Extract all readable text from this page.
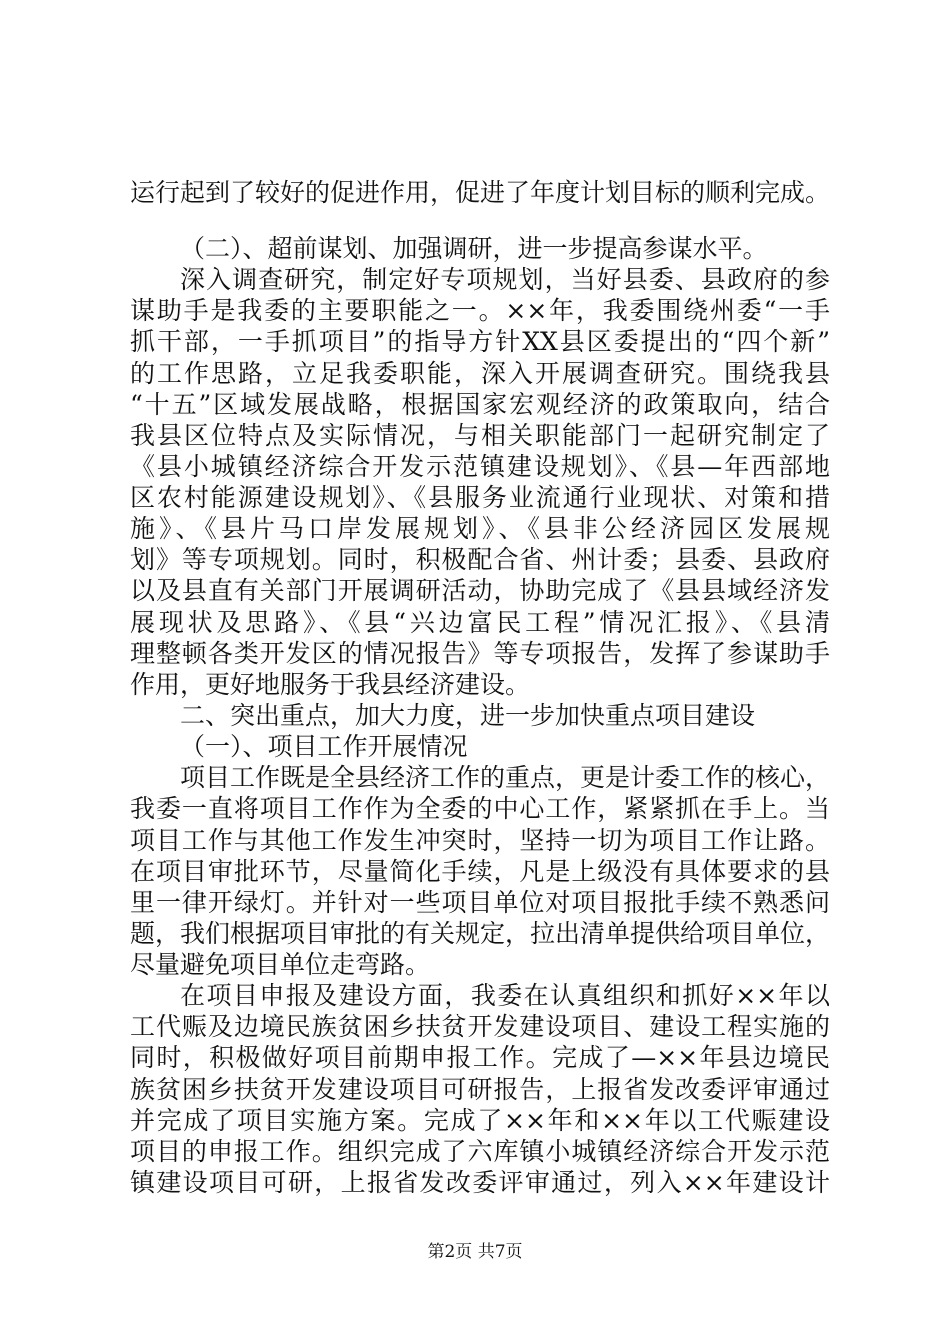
运行起到了较好的促进作用，促进了年度计划目标的顺利完成。
（二）、超前谋划、加强调研，进一步提高参谋水平。
深入调查研究，制定好专项规划，当好县委、县政府的参
谋助手是我委的主要职能之一。××年，我委围绕州委“一手
抓干部，一手抓项目”的指导方针XX县区委提出的“四个新”
的工作思路，立足我委职能，深入开展调查研究。围绕我县
“十五”区域发展战略，根据国家宏观经济的政策取向，结合
我县区位特点及实际情况，与相关职能部门一起研究制定了
《县小城镇经济综合开发示范镇建设规划》、《县—年西部地
区农村能源建设规划》、《县服务业流通行业现状、对策和措
施》、《县片马口岸发展规划》、《县非公经济园区发展规
划》等专项规划。同时，积极配合省、州计委；县委、县政府
以及县直有关部门开展调研活动，协助完成了《县县域经济发
展现状及思路》、《县“兴边富民工程”情况汇报》、《县清
理整顿各类开发区的情况报告》等专项报告，发挥了参谋助手
作用，更好地服务于我县经济建设。
二、突出重点，加大力度，进一步加快重点项目建设
（一）、项目工作开展情况
项目工作既是全县经济工作的重点，更是计委工作的核心，
我委一直将项目工作作为全委的中心工作，紧紧抓在手上。当
项目工作与其他工作发生冲突时，坚持一切为项目工作让路。
在项目审批环节，尽量简化手续，凡是上级没有具体要求的县
里一律开绿灯。并针对一些项目单位对项目报批手续不熟悉问
题，我们根据项目审批的有关规定，拉出清单提供给项目单位，
尽量避免项目单位走弯路。
在项目申报及建设方面，我委在认真组织和抓好××年以
工代赈及边境民族贫困乡扶贫开发建设项目、建设工程实施的
同时，积极做好项目前期申报工作。完成了—××年县边境民
族贫困乡扶贫开发建设项目可研报告，上报省发改委评审通过
并完成了项目实施方案。完成了××年和××年以工代赈建设
项目的申报工作。组织完成了六库镇小城镇经济综合开发示范
镇建设项目可研，上报省发改委评审通过，列入××年建设计
第2页 共7页
